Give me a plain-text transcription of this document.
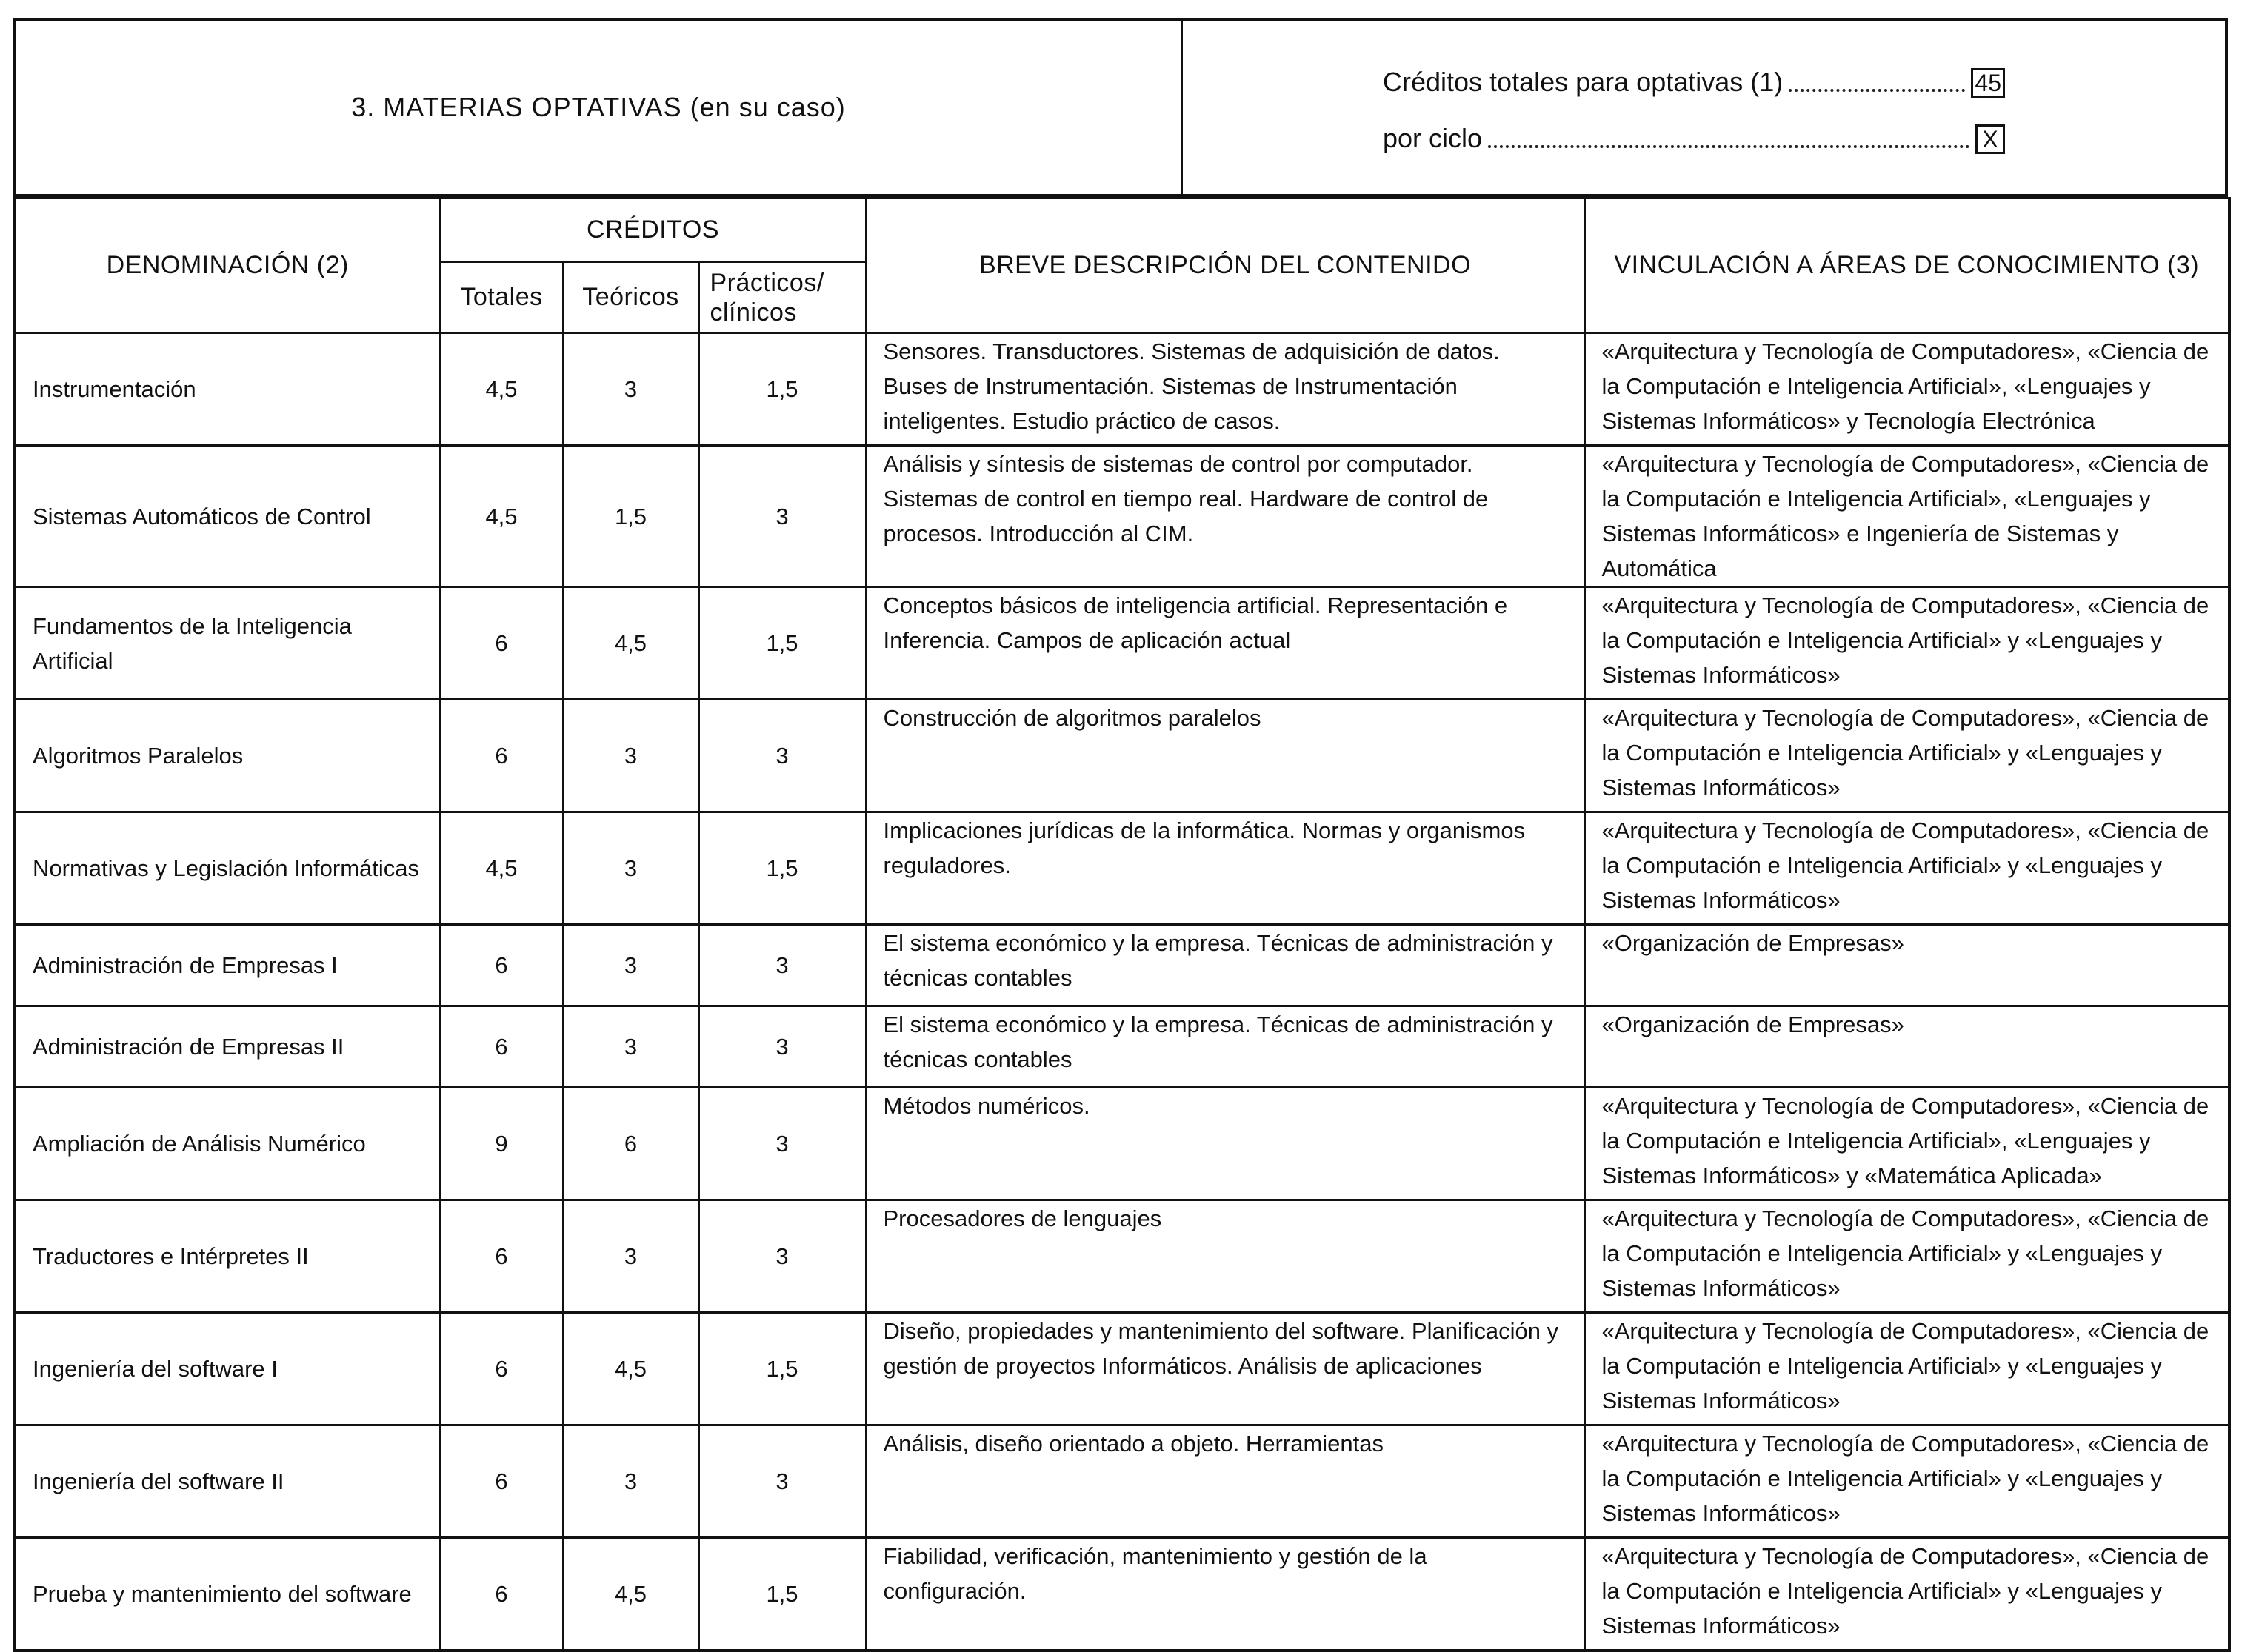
3. MATERIAS OPTATIVAS (en su caso)
Créditos totales para optativas (1)	45
por ciclo	X
DENOMINACIÓN (2)	CRÉDITOS			BREVE DESCRIPCIÓN DEL CONTENIDO	VINCULACIÓN A ÁREAS DE CONOCIMIENTO (3)
	Totales	Teóricos	Prácticos/ clínicos		
Instrumentación	4,5	3	1,5	Sensores. Transductores. Sistemas de adquisición de datos. Buses de Instrumentación. Sistemas de Instrumentación inteligentes. Estudio práctico de casos.	«Arquitectura y Tecnología de Computadores», «Ciencia de la Computación e Inteligencia Artificial», «Lenguajes y Sistemas Informáticos» y Tecnología Electrónica
Sistemas Automáticos de Control	4,5	1,5	3	Análisis y síntesis de sistemas de control por computador. Sistemas de control en tiempo real. Hardware de control de procesos. Introducción al CIM.	«Arquitectura y Tecnología de Computadores», «Ciencia de la Computación e Inteligencia Artificial», «Lenguajes y Sistemas Informáticos» e Ingeniería de Sistemas y Automática
Fundamentos de la Inteligencia Artificial	6	4,5	1,5	Conceptos básicos de inteligencia artificial. Representación e Inferencia. Campos de aplicación actual	«Arquitectura y Tecnología de Computadores», «Ciencia de la Computación e Inteligencia Artificial» y «Lenguajes y Sistemas Informáticos»
Algoritmos Paralelos	6	3	3	Construcción de algoritmos paralelos	«Arquitectura y Tecnología de Computadores», «Ciencia de la Computación e Inteligencia Artificial» y «Lenguajes y Sistemas Informáticos»
Normativas y Legislación Informáticas	4,5	3	1,5	Implicaciones jurídicas de la informática. Normas y organismos reguladores.	«Arquitectura y Tecnología de Computadores», «Ciencia de la Computación e Inteligencia Artificial» y «Lenguajes y Sistemas Informáticos»
Administración de Empresas I	6	3	3	El sistema económico y la empresa. Técnicas de administración y técnicas contables	«Organización de Empresas»
Administración de Empresas II	6	3	3	El sistema económico y la empresa. Técnicas de administración y técnicas contables	«Organización de Empresas»
Ampliación de Análisis Numérico	9	6	3	Métodos numéricos.	«Arquitectura y Tecnología de Computadores», «Ciencia de la Computación e Inteligencia Artificial», «Lenguajes y Sistemas Informáticos» y «Matemática Aplicada»
Traductores e Intérpretes II	6	3	3	Procesadores de lenguajes	«Arquitectura y Tecnología de Computadores», «Ciencia de la Computación e Inteligencia Artificial» y «Lenguajes y Sistemas Informáticos»
Ingeniería del software I	6	4,5	1,5	Diseño, propiedades y mantenimiento del software. Planificación y gestión de proyectos Informáticos. Análisis de aplicaciones	«Arquitectura y Tecnología de Computadores», «Ciencia de la Computación e Inteligencia Artificial» y «Lenguajes y Sistemas Informáticos»
Ingeniería del software II	6	3	3	Análisis, diseño orientado a objeto. Herramientas	«Arquitectura y Tecnología de Computadores», «Ciencia de la Computación e Inteligencia Artificial» y «Lenguajes y Sistemas Informáticos»
Prueba y mantenimiento del software	6	4,5	1,5	Fiabilidad, verificación, mantenimiento y gestión de la configuración.	«Arquitectura y Tecnología de Computadores», «Ciencia de la Computación e Inteligencia Artificial» y «Lenguajes y Sistemas Informáticos»
